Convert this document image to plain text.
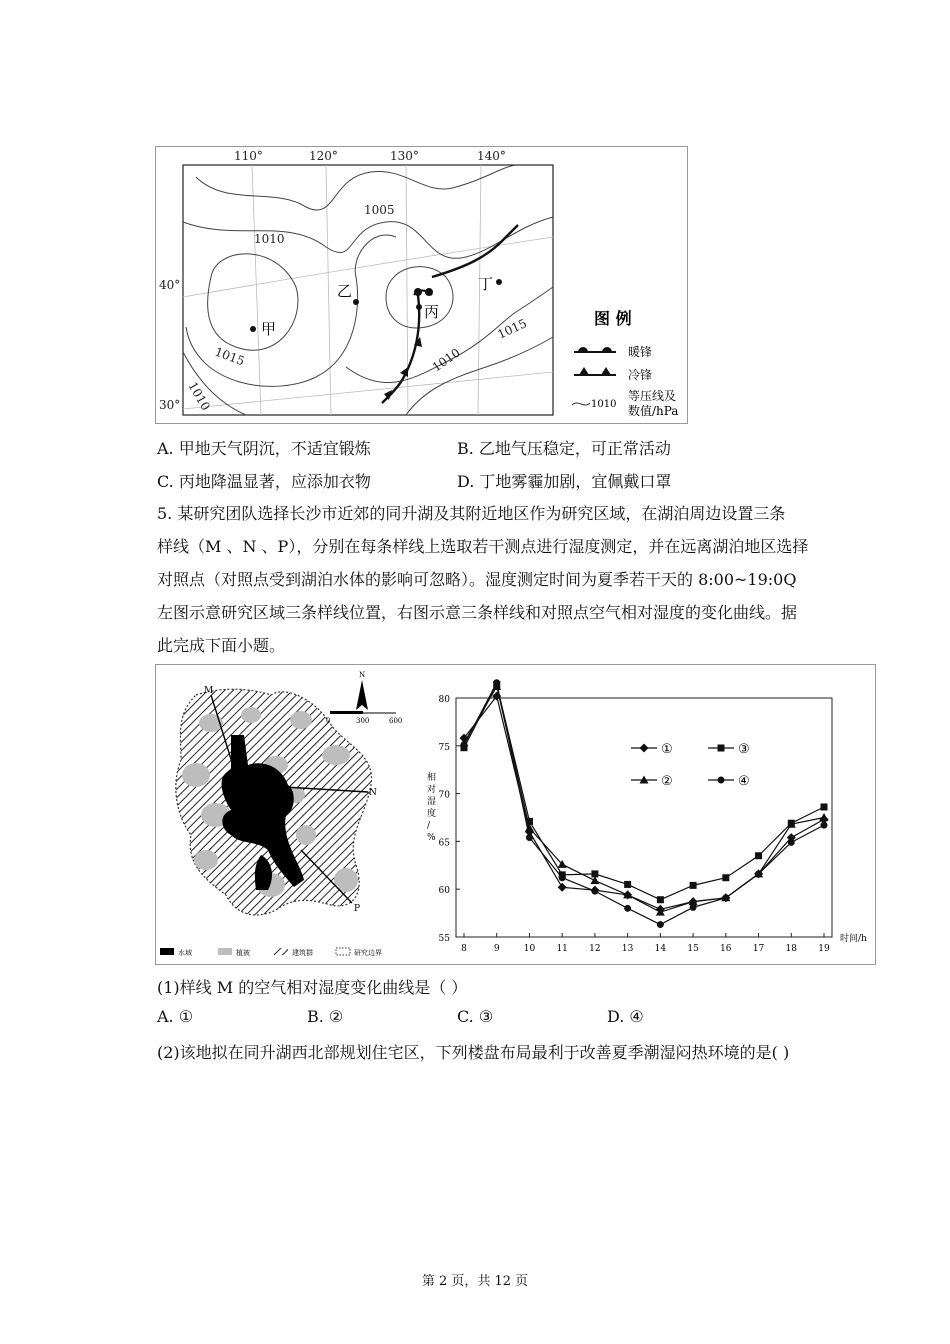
甲
乙
丙
丁
1005
1010
1015
1015
1010
1010
110°	120°	130°	140°
40°
30°
图 例
暖锋
冷锋
1010
等压线及
数值/hPa
A. 甲地天气阴沉，不适宜锻炼	B. 乙地气压稳定，可正常活动
C. 丙地降温显著，应添加衣物	D. 丁地雾霾加剧，宜佩戴口罩
5. 某研究团队选择长沙市近郊的同升湖及其附近地区作为研究区域，在湖泊周边设置三条
样线（M 、N 、P），分别在每条样线上选取若干测点进行湿度测定，并在远离湖泊地区选择
对照点（对照点受到湖泊水体的影响可忽略）。湿度测定时间为夏季若干天的 8:00~19:0Q
左图示意研究区域三条样线位置，右图示意三条样线和对照点空气相对湿度的变化曲线。据
此完成下面小题。
M
N
P
N
0	300	600
水域	植被	建筑群	研究边界
55
60
65
70
75
80
8	9	10 11 12 13 14 15 16 17 18 19
①
②
③
④
相对湿度/ %
时间/h
(1)样线 M 的空气相对湿度变化曲线是（ ）
A. ①	B. ②	C. ③	D. ④
(2)该地拟在同升湖西北部规划住宅区，下列楼盘布局最利于改善夏季潮湿闷热环境的是( )
第 2 页，共 12 页
